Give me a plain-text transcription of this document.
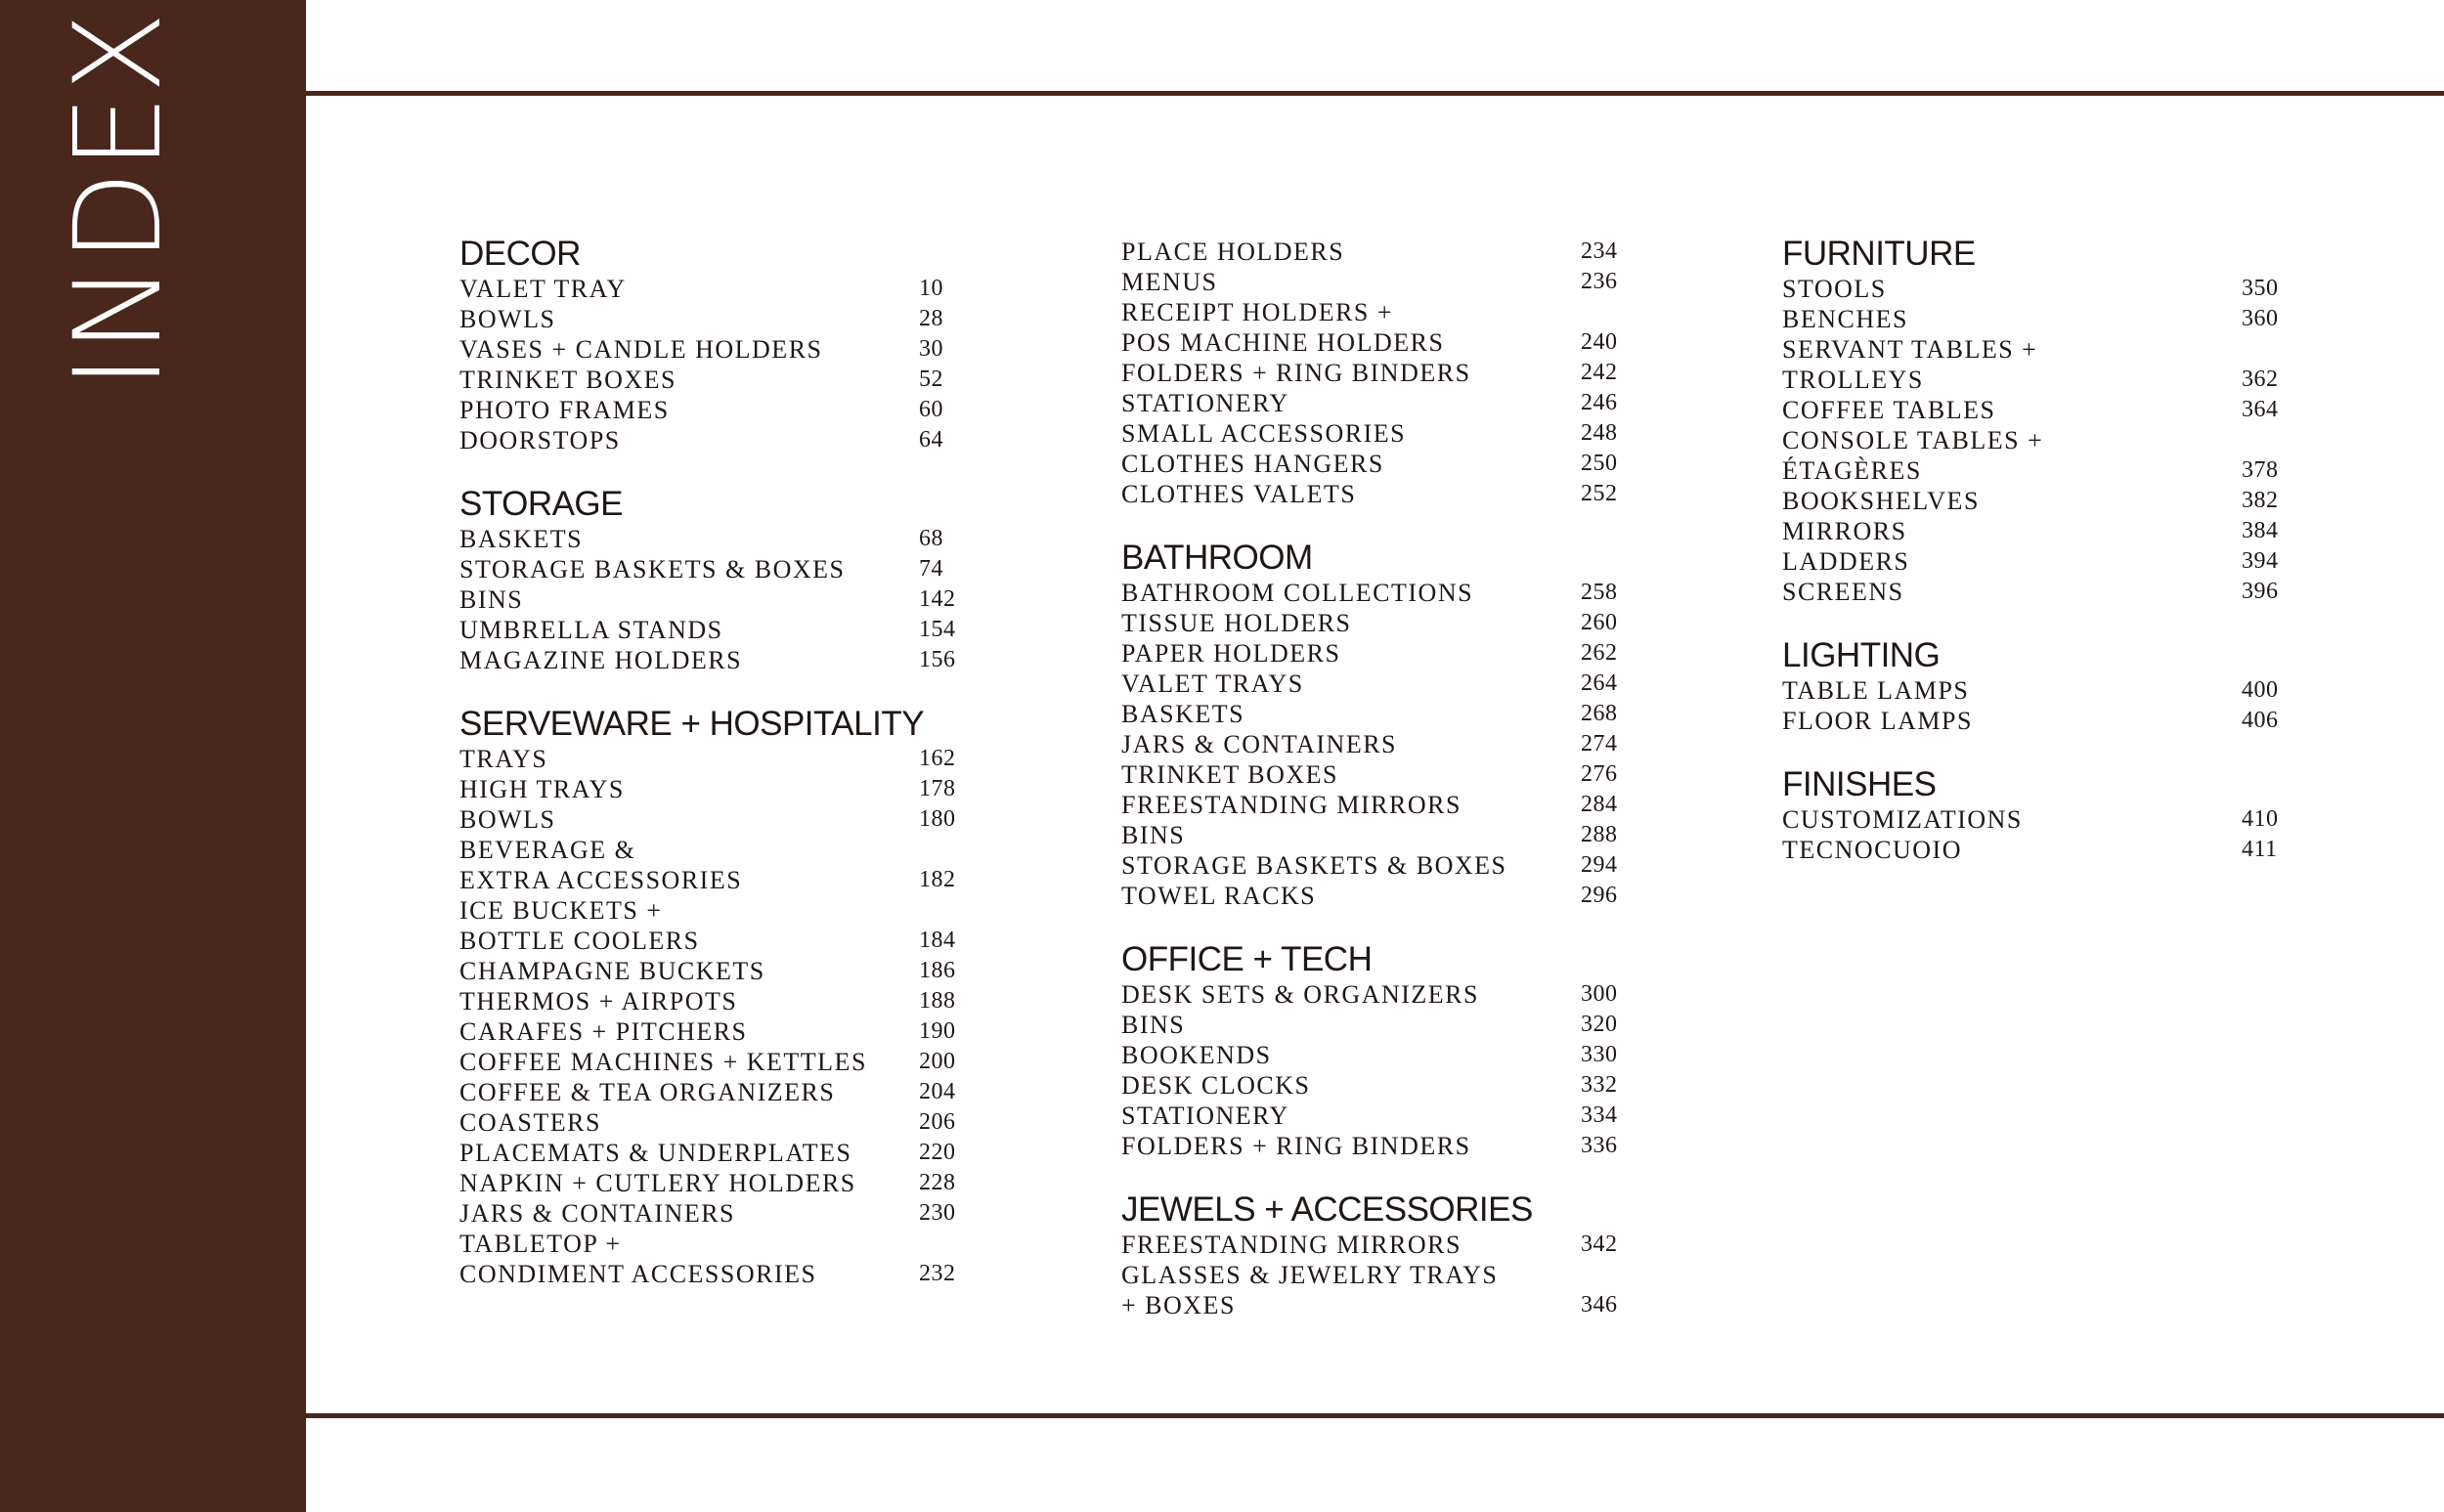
INDEX	DECOR
VALET TRAY	10
BOWLS	28
VASES + CANDLE HOLDERS	30
TRINKET BOXES	52
PHOTO FRAMES	60
DOORSTOPS	64
STORAGE
BASKETS	68
STORAGE BASKETS & BOXES	74
BINS	142
UMBRELLA STANDS	154
MAGAZINE HOLDERS	156
SERVEWARE + HOSPITALITY
TRAYS	162
HIGH TRAYS	178
BOWLS	180
BEVERAGE &
EXTRA ACCESSORIES	182
ICE BUCKETS +
BOTTLE COOLERS	184
CHAMPAGNE BUCKETS	186
THERMOS + AIRPOTS	188
CARAFES + PITCHERS	190
COFFEE MACHINES + KETTLES 200
COFFEE & TEA ORGANIZERS	204
COASTERS	206
PLACEMATS & UNDERPLATES	220
NAPKIN + CUTLERY HOLDERS	228
JARS & CONTAINERS	230
TABLETOP +
CONDIMENT ACCESSORIES	232
PLACE HOLDERS	234
MENUS	236
RECEIPT HOLDERS +
POS MACHINE HOLDERS	240
FOLDERS + RING BINDERS	242
STATIONERY	246
SMALL ACCESSORIES	248
CLOTHES HANGERS	250
CLOTHES VALETS	252
BATHROOM
BATHROOM COLLECTIONS	258
TISSUE HOLDERS	260
PAPER HOLDERS	262
VALET TRAYS	264
BASKETS	268
JARS & CONTAINERS	274
TRINKET BOXES	276
FREESTANDING MIRRORS	284
BINS	288
STORAGE BASKETS & BOXES	294
TOWEL RACKS	296
OFFICE + TECH
DESK SETS & ORGANIZERS	300
BINS	320
BOOKENDS	330
DESK CLOCKS	332
STATIONERY	334
FOLDERS + RING BINDERS	336
JEWELS + ACCESSORIES
FREESTANDING MIRRORS	342
GLASSES & JEWELRY TRAYS
+ BOXES	346
FURNITURE
STOOLS	350
BENCHES	360
SERVANT TABLES +
TROLLEYS	362
COFFEE TABLES	364
CONSOLE TABLES +
ÉTAGÈRES	378
BOOKSHELVES	382
MIRRORS	384
LADDERS	394
SCREENS	396
LIGHTING
TABLE LAMPS	400
FLOOR LAMPS	406
FINISHES
CUSTOMIZATIONS	410
TECNOCUOIO	411
